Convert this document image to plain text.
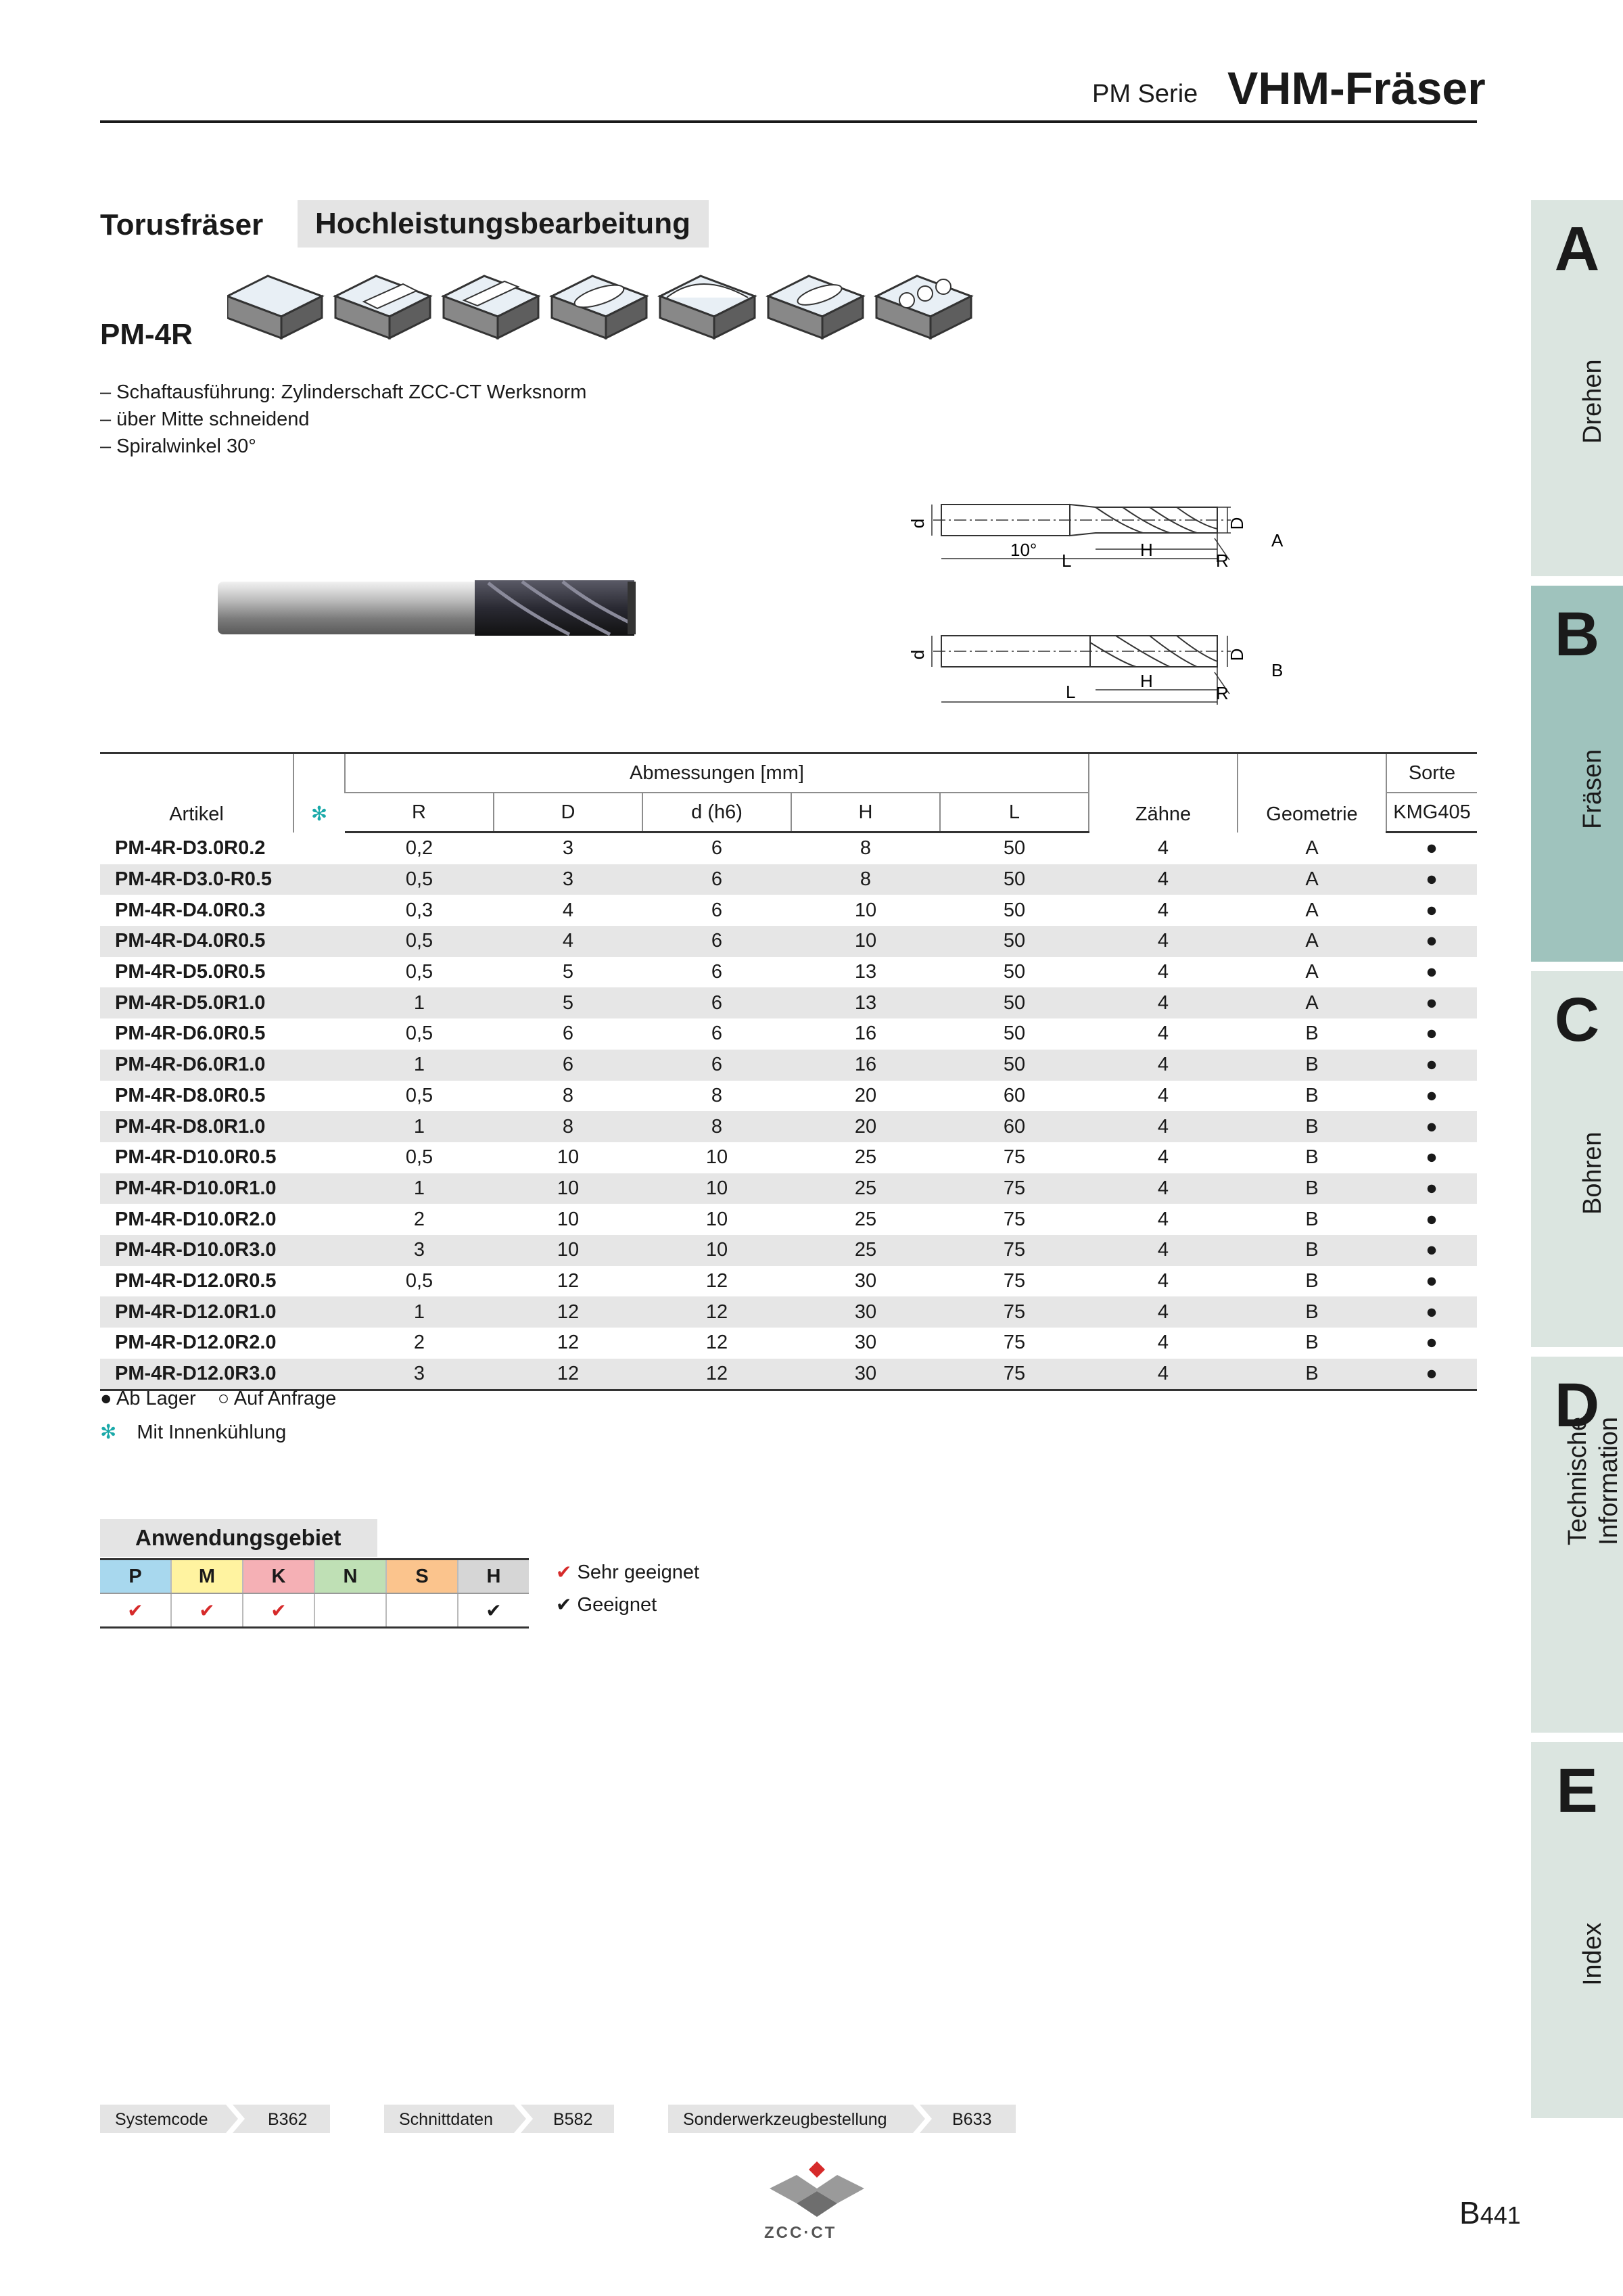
PM Serie VHM-Fräser
A
Drehen
B
Fräsen
C
Bohren
D
Technische Information
E
Index
Torusfräser Hochleistungsbearbeitung
PM-4R
– Schaftausführung: Zylinderschaft ZCC-CT Werksnorm
– über Mitte schneidend
– Spiralwinkel 30°
d	D
10°
L
H
R
A
d	D
L
H
R
B
Artikel	✻	Abmessungen [mm]					Zähne	Geometrie	Sorte
		R	D	d (h6)	H	L			KMG405
PM-4R-D3.0R0.2		0,2	3	6	8	50	4	A	●
PM-4R-D3.0-R0.5		0,5	3	6	8	50	4	A	●
PM-4R-D4.0R0.3		0,3	4	6	10	50	4	A	●
PM-4R-D4.0R0.5		0,5	4	6	10	50	4	A	●
PM-4R-D5.0R0.5		0,5	5	6	13	50	4	A	●
PM-4R-D5.0R1.0		1	5	6	13	50	4	A	●
PM-4R-D6.0R0.5		0,5	6	6	16	50	4	B	●
PM-4R-D6.0R1.0		1	6	6	16	50	4	B	●
PM-4R-D8.0R0.5		0,5	8	8	20	60	4	B	●
PM-4R-D8.0R1.0		1	8	8	20	60	4	B	●
PM-4R-D10.0R0.5		0,5	10	10	25	75	4	B	●
PM-4R-D10.0R1.0		1	10	10	25	75	4	B	●
PM-4R-D10.0R2.0		2	10	10	25	75	4	B	●
PM-4R-D10.0R3.0		3	10	10	25	75	4	B	●
PM-4R-D12.0R0.5		0,5	12	12	30	75	4	B	●
PM-4R-D12.0R1.0		1	12	12	30	75	4	B	●
PM-4R-D12.0R2.0		2	12	12	30	75	4	B	●
PM-4R-D12.0R3.0		3	12	12	30	75	4	B	●
● Ab Lager ○ Auf Anfrage
✻ Mit Innenkühlung
Anwendungsgebiet
P	M	K	N	S	H
✔	✔	✔			✔
✔ Sehr geeignet
✔ Geeignet
Systemcode	B362	Schnittdaten	B582	Sonderwerkzeugbestellung	B633
ZCC·CT
B441
